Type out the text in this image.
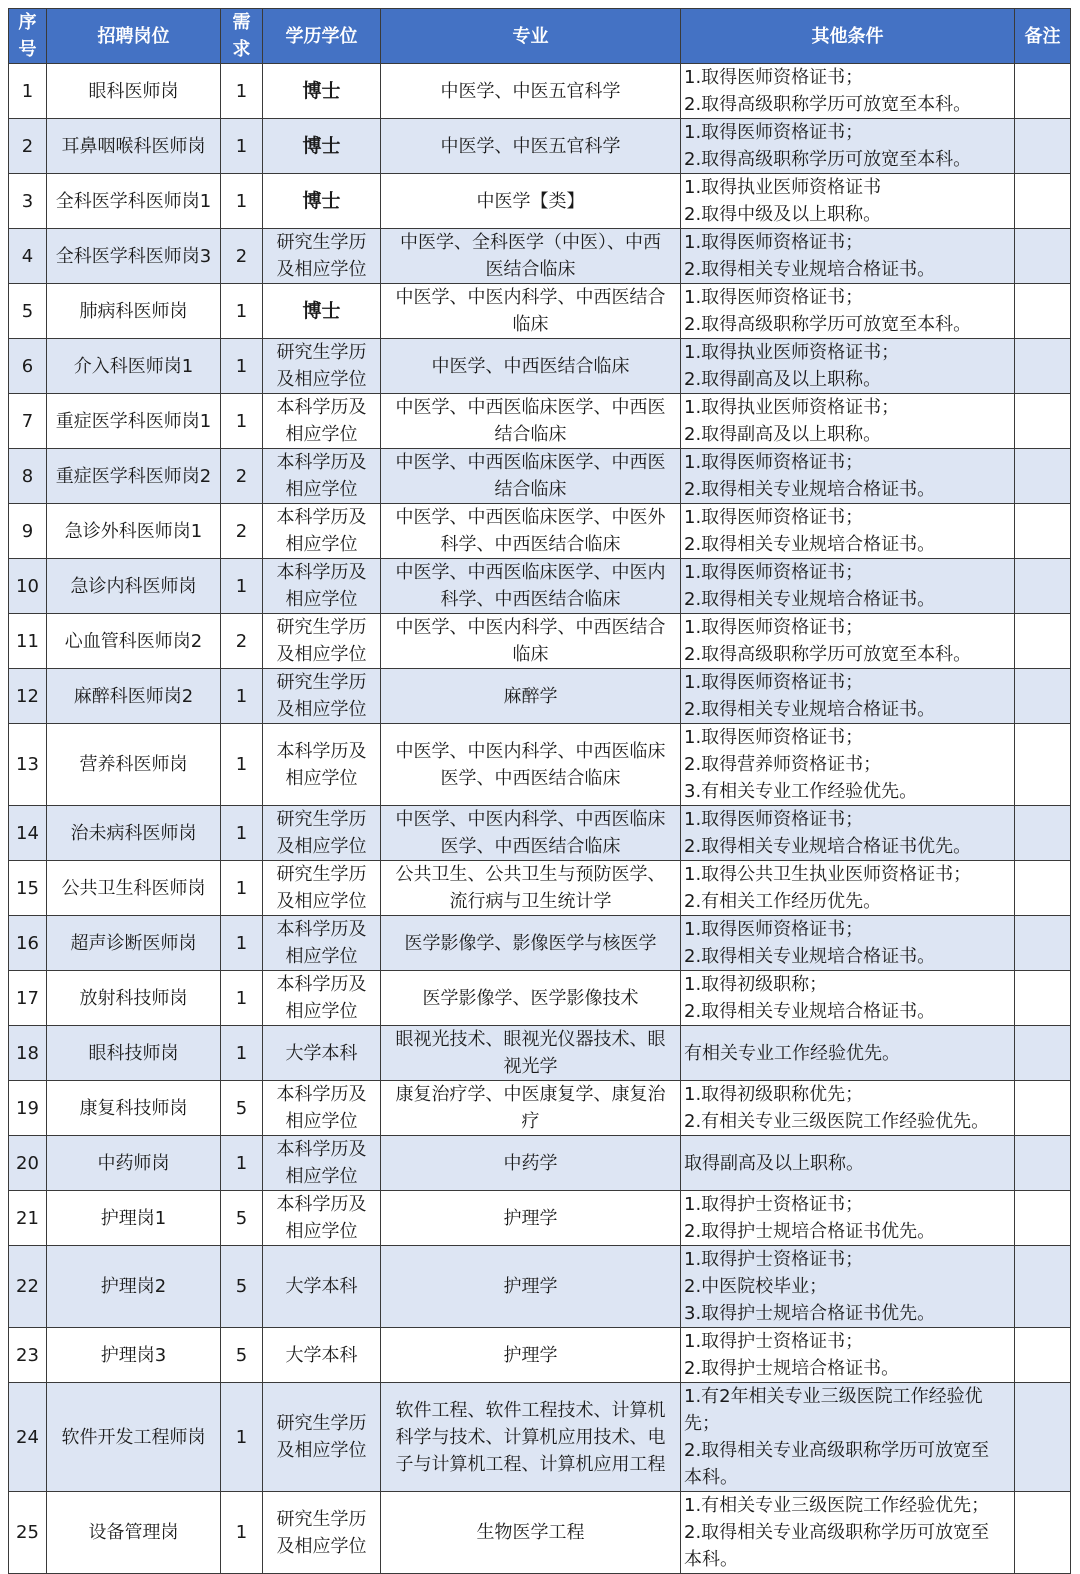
序
号	招聘岗位	需
求	学历学位	专业	其他条件	备注
1	眼科医师岗	1	博士	中医学、中医五官科学	1.取得医师资格证书；
2.取得高级职称学历可放宽至本科。	
2	耳鼻咽喉科医师岗	1	博士	中医学、中医五官科学	1.取得医师资格证书；
2.取得高级职称学历可放宽至本科。	
3	全科医学科医师岗1	1	博士	中医学【类】	1.取得执业医师资格证书
2.取得中级及以上职称。	
4	全科医学科医师岗3	2	研究生学历
及相应学位	中医学、全科医学（中医）、中西
医结合临床	1.取得医师资格证书；
2.取得相关专业规培合格证书。	
5	肺病科医师岗	1	博士	中医学、中医内科学、中西医结合
临床	1.取得医师资格证书；
2.取得高级职称学历可放宽至本科。	
6	介入科医师岗1	1	研究生学历
及相应学位	中医学、中西医结合临床	1.取得执业医师资格证书；
2.取得副高及以上职称。	
7	重症医学科医师岗1	1	本科学历及
相应学位	中医学、中西医临床医学、中西医
结合临床	1.取得执业医师资格证书；
2.取得副高及以上职称。	
8	重症医学科医师岗2	2	本科学历及
相应学位	中医学、中西医临床医学、中西医
结合临床	1.取得医师资格证书；
2.取得相关专业规培合格证书。	
9	急诊外科医师岗1	2	本科学历及
相应学位	中医学、中西医临床医学、中医外
科学、中西医结合临床	1.取得医师资格证书；
2.取得相关专业规培合格证书。	
10	急诊内科医师岗	1	本科学历及
相应学位	中医学、中西医临床医学、中医内
科学、中西医结合临床	1.取得医师资格证书；
2.取得相关专业规培合格证书。	
11	心血管科医师岗2	2	研究生学历
及相应学位	中医学、中医内科学、中西医结合
临床	1.取得医师资格证书；
2.取得高级职称学历可放宽至本科。	
12	麻醉科医师岗2	1	研究生学历
及相应学位	麻醉学	1.取得医师资格证书；
2.取得相关专业规培合格证书。	
13	营养科医师岗	1	本科学历及
相应学位	中医学、中医内科学、中西医临床
医学、中西医结合临床	1.取得医师资格证书；
2.取得营养师资格证书；
3.有相关专业工作经验优先。	
14	治未病科医师岗	1	研究生学历
及相应学位	中医学、中医内科学、中西医临床
医学、中西医结合临床	1.取得医师资格证书；
2.取得相关专业规培合格证书优先。	
15	公共卫生科医师岗	1	研究生学历
及相应学位	公共卫生、公共卫生与预防医学、
流行病与卫生统计学	1.取得公共卫生执业医师资格证书；
2.有相关工作经历优先。	
16	超声诊断医师岗	1	本科学历及
相应学位	医学影像学、影像医学与核医学	1.取得医师资格证书；
2.取得相关专业规培合格证书。	
17	放射科技师岗	1	本科学历及
相应学位	医学影像学、医学影像技术	1.取得初级职称；
2.取得相关专业规培合格证书。	
18	眼科技师岗	1	大学本科	眼视光技术、眼视光仪器技术、眼
视光学	有相关专业工作经验优先。	
19	康复科技师岗	5	本科学历及
相应学位	康复治疗学、中医康复学、康复治
疗	1.取得初级职称优先；
2.有相关专业三级医院工作经验优先。	
20	中药师岗	1	本科学历及
相应学位	中药学	取得副高及以上职称。	
21	护理岗1	5	本科学历及
相应学位	护理学	1.取得护士资格证书；
2.取得护士规培合格证书优先。	
22	护理岗2	5	大学本科	护理学	1.取得护士资格证书；
2.中医院校毕业；
3.取得护士规培合格证书优先。	
23	护理岗3	5	大学本科	护理学	1.取得护士资格证书；
2.取得护士规培合格证书。	
24	软件开发工程师岗	1	研究生学历
及相应学位	软件工程、软件工程技术、计算机
科学与技术、计算机应用技术、电
子与计算机工程、计算机应用工程	1.有2年相关专业三级医院工作经验优
先；
2.取得相关专业高级职称学历可放宽至
本科。	
25	设备管理岗	1	研究生学历
及相应学位	生物医学工程	1.有相关专业三级医院工作经验优先；
2.取得相关专业高级职称学历可放宽至
本科。	
